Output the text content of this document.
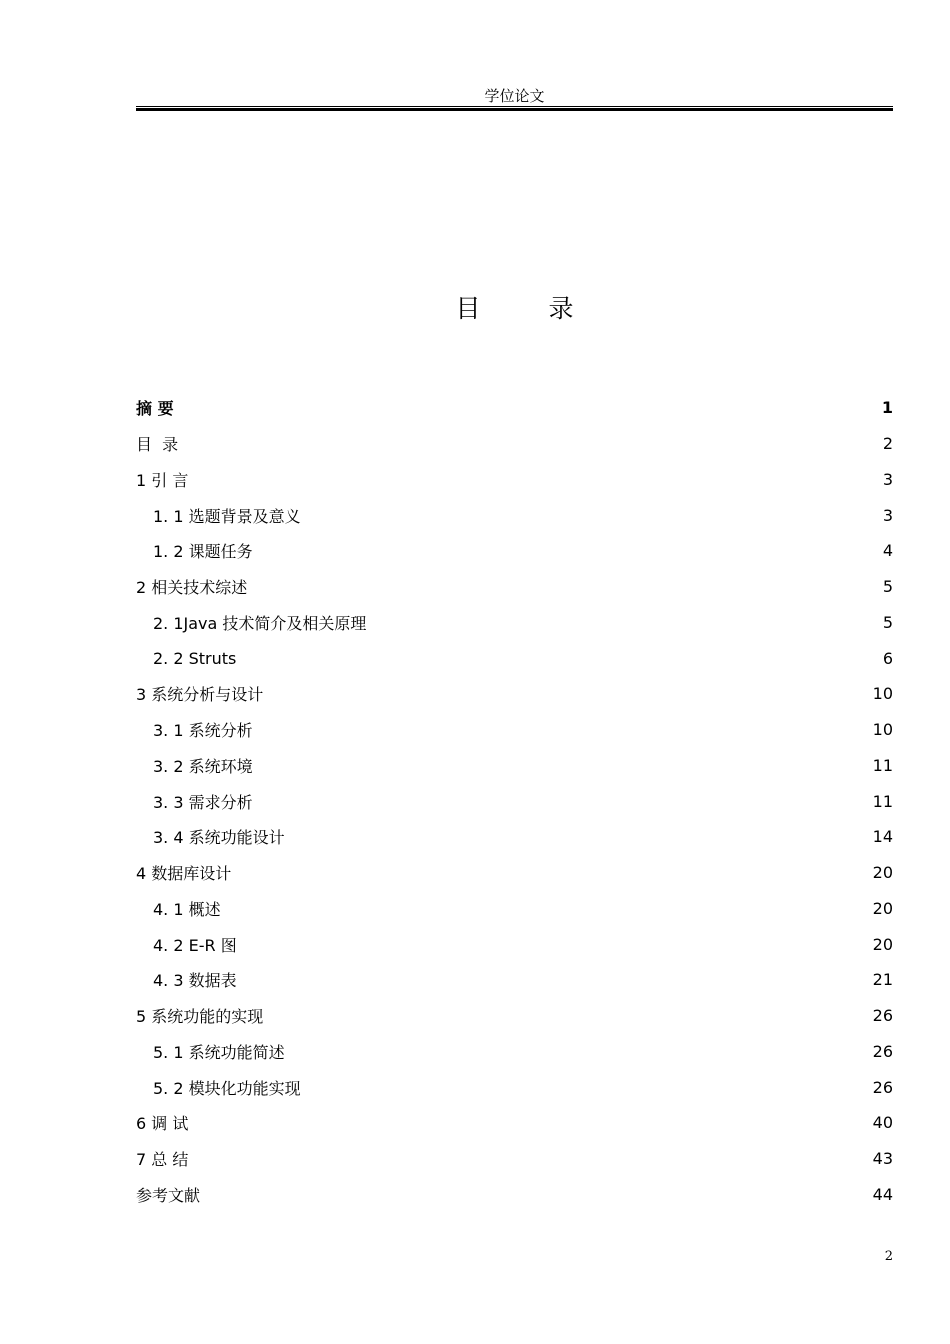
学位论文
目 录
摘 要	1
目  录	2
1 引 言	3
1. 1 选题背景及意义	3
1. 2 课题任务	4
2 相关技术综述	5
2. 1Java 技术简介及相关原理	5
2. 2 Struts	6
3 系统分析与设计	10
3. 1 系统分析	10
3. 2 系统环境	11
3. 3 需求分析	11
3. 4 系统功能设计	14
4 数据库设计	20
4. 1 概述	20
4. 2 E-R 图	20
4. 3 数据表	21
5 系统功能的实现	26
5. 1 系统功能简述	26
5. 2 模块化功能实现	26
6 调 试	40
7 总 结	43
参考文献	44
2
